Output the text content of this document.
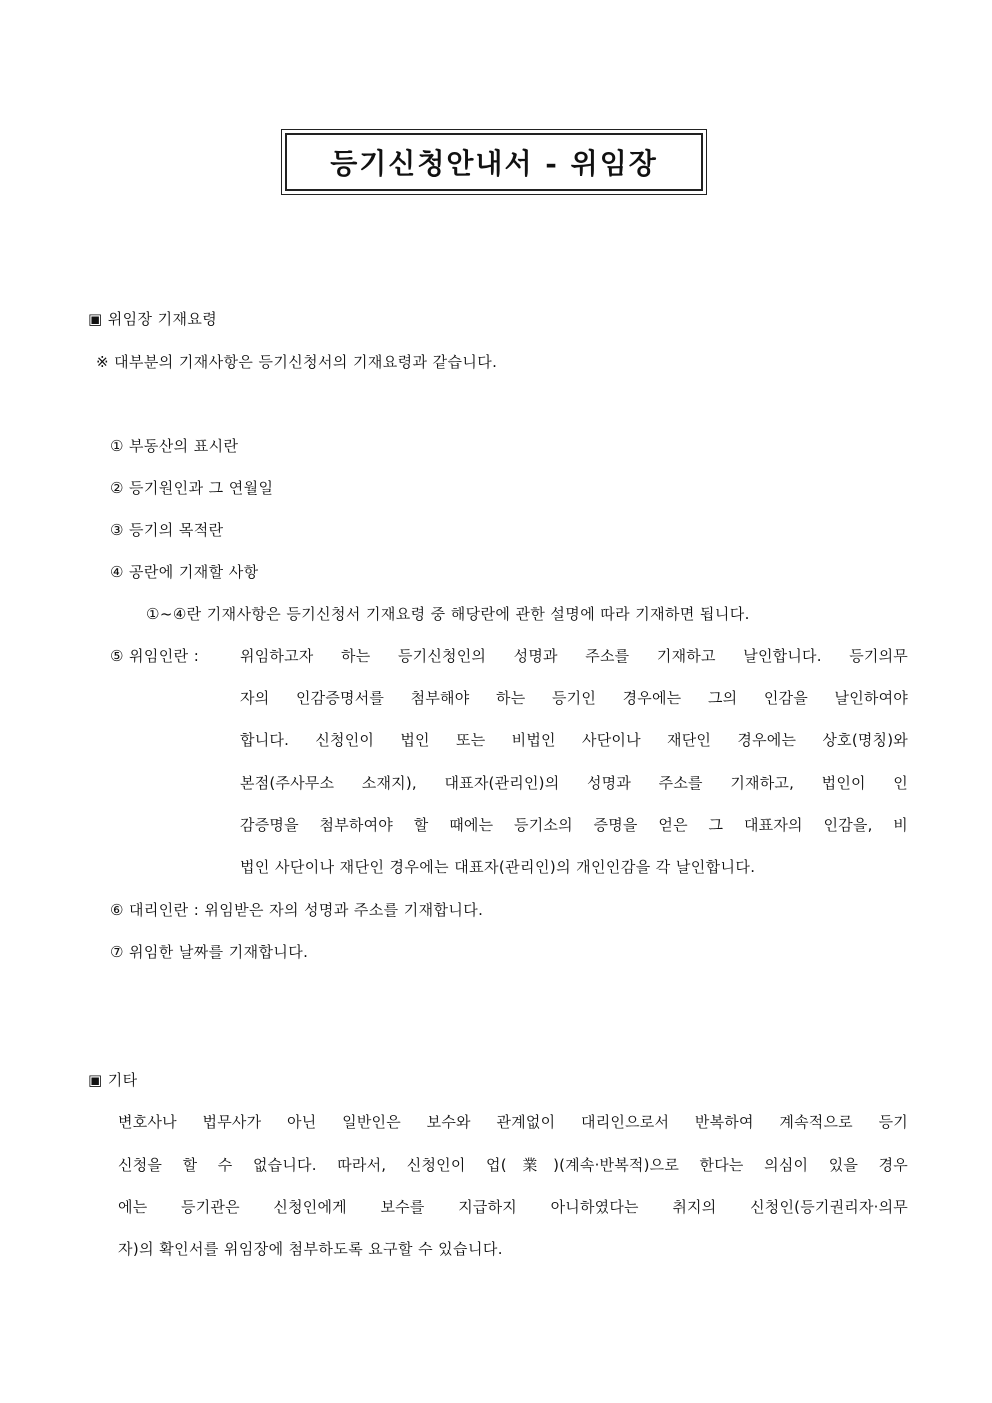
등기신청안내서 - 위임장
▣ 위임장 기재요령
※ 대부분의 기재사항은 등기신청서의 기재요령과 같습니다.
① 부동산의 표시란
② 등기원인과 그 연월일
③ 등기의 목적란
④ 공란에 기재할 사항
①~④란 기재사항은 등기신청서 기재요령 중 해당란에 관한 설명에 따라 기재하면 됩니다.
⑤ 위임인란 :	위임하고자 하는 등기신청인의 성명과 주소를 기재하고 날인합니다. 등기의무
자의 인감증명서를 첨부해야 하는 등기인 경우에는 그의 인감을 날인하여야
합니다. 신청인이 법인 또는 비법인 사단이나 재단인 경우에는 상호(명칭)와
본점(주사무소 소재지), 대표자(관리인)의 성명과 주소를 기재하고, 법인이 인
감증명을 첨부하여야 할 때에는 등기소의 증명을 얻은 그 대표자의 인감을, 비
법인 사단이나 재단인 경우에는 대표자(관리인)의 개인인감을 각 날인합니다.
⑥ 대리인란 : 위임받은 자의 성명과 주소를 기재합니다.
⑦ 위임한 날짜를 기재합니다.
▣ 기타
변호사나 법무사가 아닌 일반인은 보수와 관계없이 대리인으로서 반복하여 계속적으로 등기
신청을 할 수 없습니다. 따라서, 신청인이 업(業)(계속·반복적)으로 한다는 의심이 있을 경우
에는 등기관은 신청인에게 보수를 지급하지 아니하였다는 취지의 신청인(등기권리자·의무
자)의 확인서를 위임장에 첨부하도록 요구할 수 있습니다.
